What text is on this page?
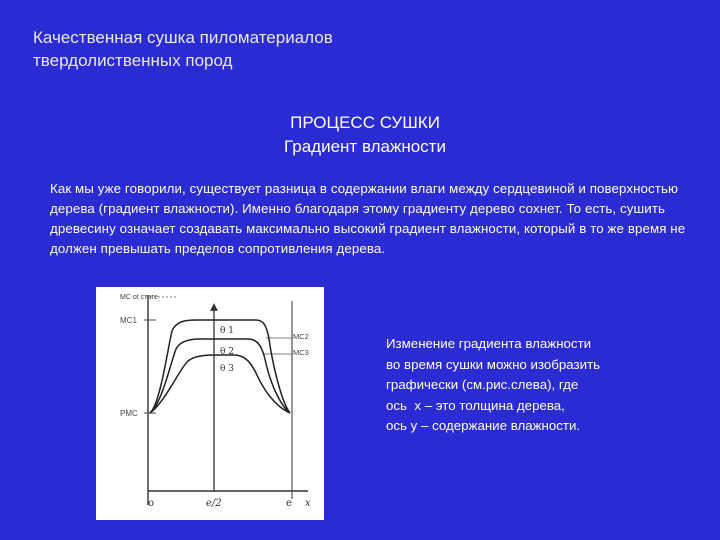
Качественная сушка пиломатериалов
твердолиственных пород
ПРОЦЕСС СУШКИ
Градиент влажности
Как мы уже говорили, существует разница в содержании влаги между сердцевиной и поверхностью дерева (градиент влажности). Именно благодаря этому градиенту дерево сохнет. То есть, сушить древесину означает создавать максимально высокий градиент влажности, который в то же время не должен превышать пределов сопротивления дерева.
MC ot стате
MC1
PMC
MC2
MC3
θ 1
θ 2
θ 3
o	e/2	e x
Изменение градиента влажности
во время сушки можно изобразить
графически (см.рис.слева), где
ось  х – это толщина дерева,
ось у – содержание влажности.
